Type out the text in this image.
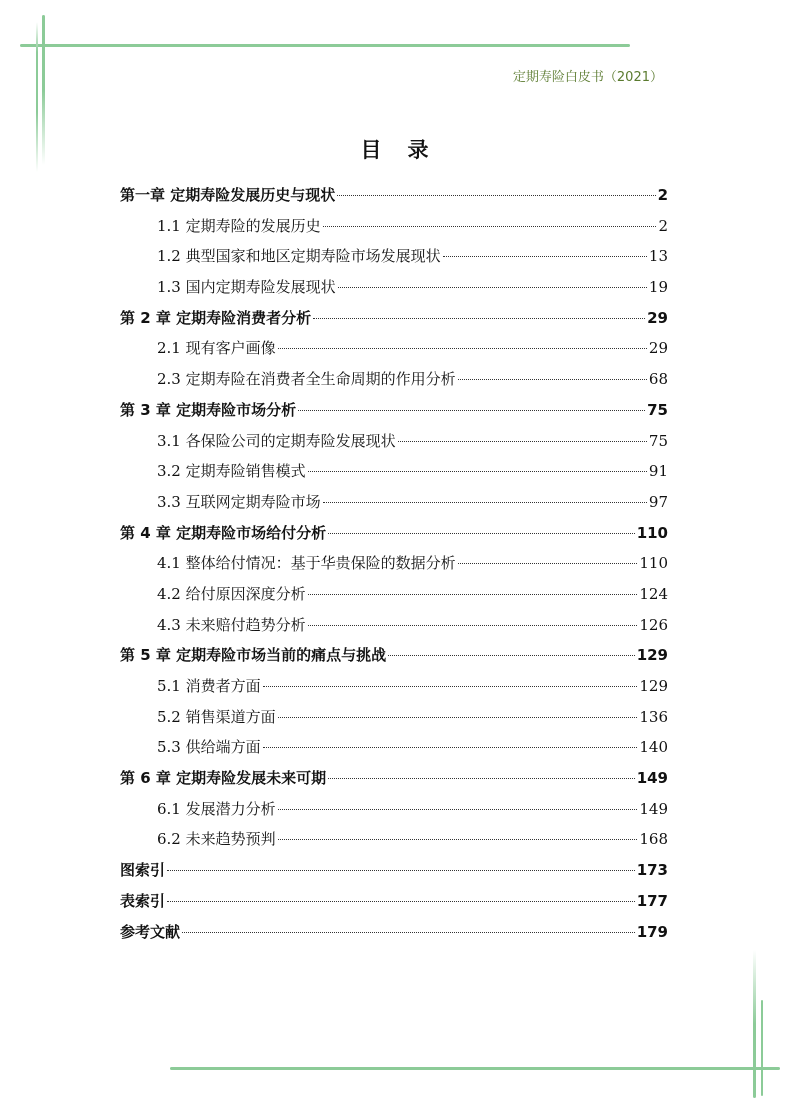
定期寿险白皮书（2021）
目录
第一章 定期寿险发展历史与现状	2
1.1 定期寿险的发展历史	2
1.2 典型国家和地区定期寿险市场发展现状	13
1.3 国内定期寿险发展现状	19
第 2 章 定期寿险消费者分析	29
2.1 现有客户画像	29
2.3 定期寿险在消费者全生命周期的作用分析	68
第 3 章 定期寿险市场分析	75
3.1 各保险公司的定期寿险发展现状	75
3.2 定期寿险销售模式	91
3.3 互联网定期寿险市场	97
第 4 章 定期寿险市场给付分析	110
4.1 整体给付情况：基于华贵保险的数据分析	110
4.2 给付原因深度分析	124
4.3 未来赔付趋势分析	126
第 5 章 定期寿险市场当前的痛点与挑战	129
5.1 消费者方面	129
5.2 销售渠道方面	136
5.3 供给端方面	140
第 6 章 定期寿险发展未来可期	149
6.1 发展潜力分析	149
6.2 未来趋势预判	168
图索引	173
表索引	177
参考文献	179
